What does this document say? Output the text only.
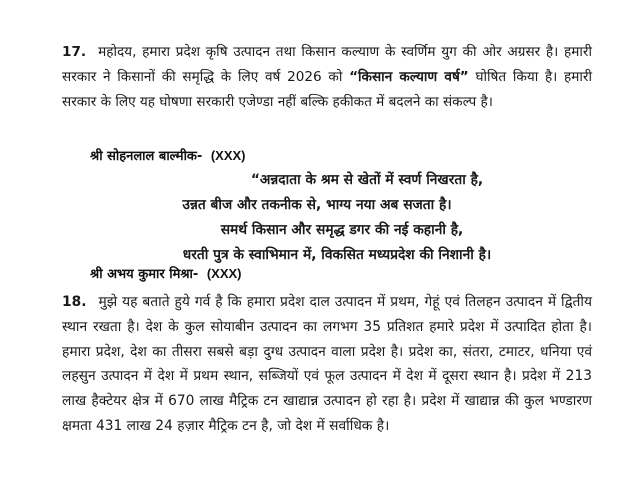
17. महोदय, हमारा प्रदेश कृषि उत्पादन तथा किसान कल्याण के स्वर्णिम युग की ओर अग्रसर है। हमारी सरकार ने किसानों की समृद्धि के लिए वर्ष 2026 को “किसान कल्याण वर्ष” घोषित किया है। हमारी सरकार के लिए यह घोषणा सरकारी एजेण्डा नहीं बल्कि हकीकत में बदलने का संकल्प है।
श्री सोहनलाल बाल्मीक- (XXX)
“अन्नदाता के श्रम से खेतों में स्वर्ण निखरता है,
उन्नत बीज और तकनीक से, भाग्य नया अब सजता है।
समर्थ किसान और समृद्ध डगर की नई कहानी है,
धरती पुत्र के स्वाभिमान में, विकसित मध्यप्रदेश की निशानी है।
श्री अभय कुमार मिश्रा- (XXX)
18. मुझे यह बताते हुये गर्व है कि हमारा प्रदेश दाल उत्पादन में प्रथम, गेहूं एवं तिलहन उत्पादन में द्वितीय स्थान रखता है। देश के कुल सोयाबीन उत्पादन का लगभग 35 प्रतिशत हमारे प्रदेश में उत्पादित होता है। हमारा प्रदेश, देश का तीसरा सबसे बड़ा दुग्ध उत्पादन वाला प्रदेश है। प्रदेश का, संतरा, टमाटर, धनिया एवं लहसुन उत्पादन में देश में प्रथम स्थान, सब्जियों एवं फूल उत्पादन में देश में दूसरा स्थान है। प्रदेश में 213 लाख हैक्टेयर क्षेत्र में 670 लाख मैट्रिक टन खाद्यान्न उत्पादन हो रहा है। प्रदेश में खाद्यान्न की कुल भण्डारण क्षमता 431 लाख 24 हज़ार मैट्रिक टन है, जो देश में सर्वाधिक है।
